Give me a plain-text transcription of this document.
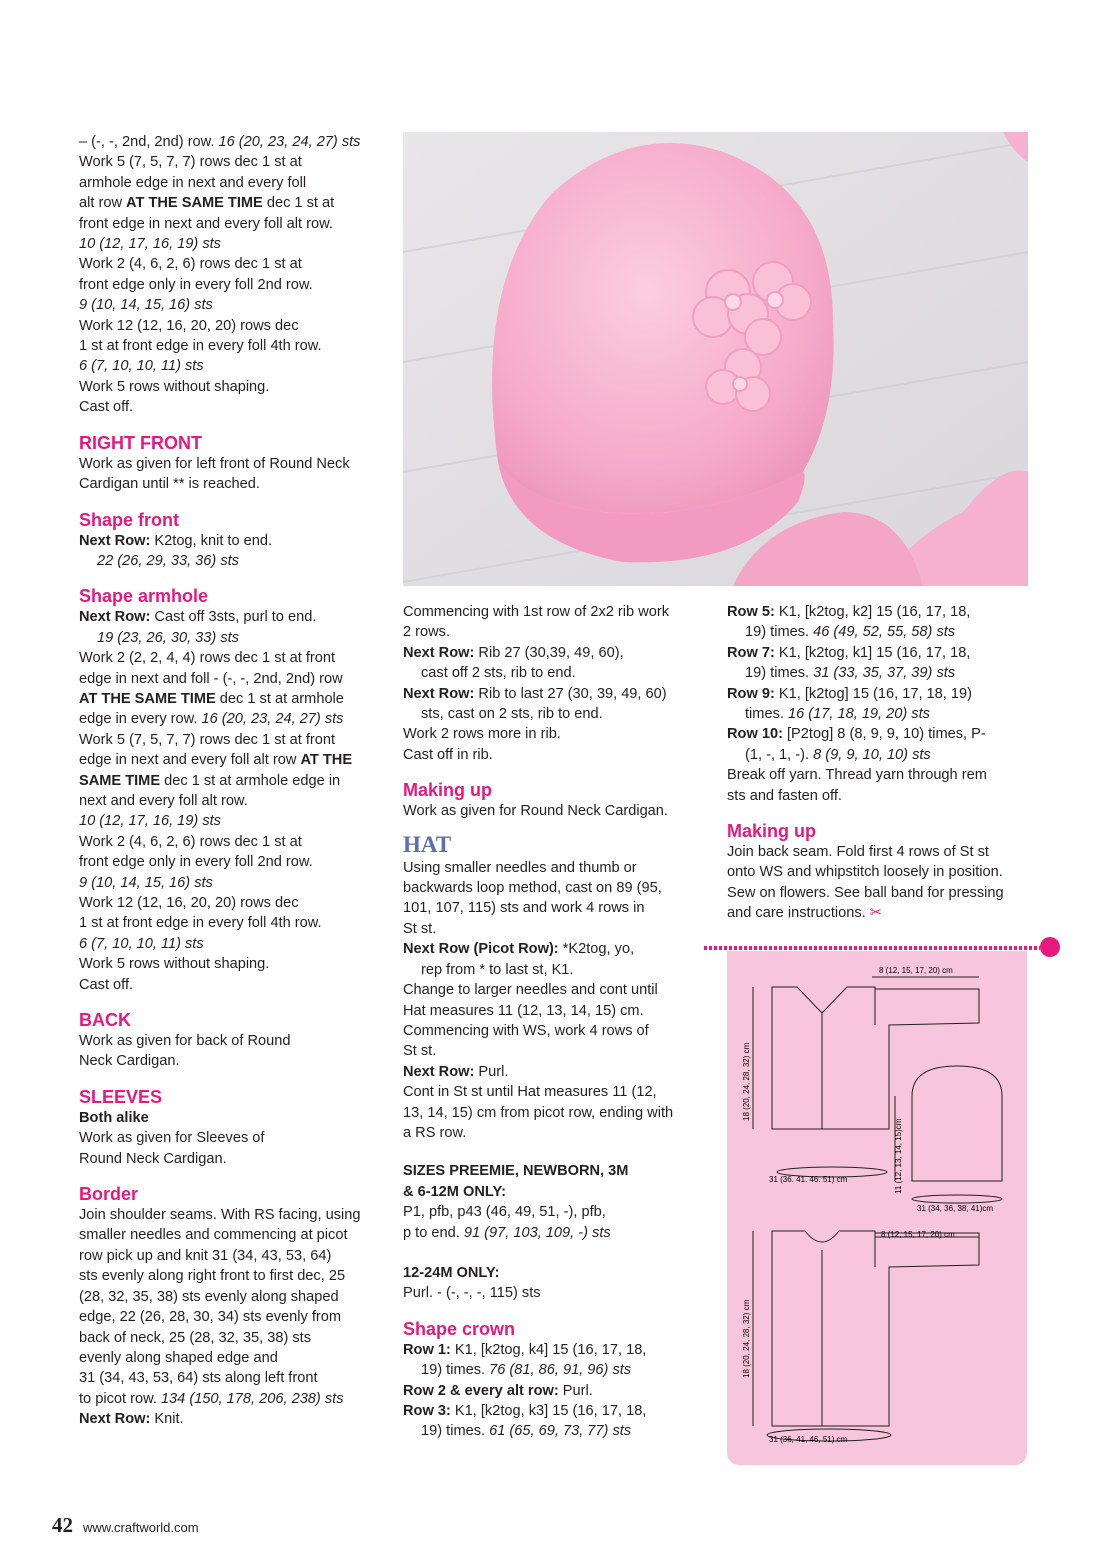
– (-, -, 2nd, 2nd) row. 16 (20, 23, 24, 27) sts
Work 5 (7, 5, 7, 7) rows dec 1 st at
armhole edge in next and every foll
alt row AT THE SAME TIME dec 1 st at
front edge in next and every foll alt row.
10 (12, 17, 16, 19) sts
Work 2 (4, 6, 2, 6) rows dec 1 st at
front edge only in every foll 2nd row.
9 (10, 14, 15, 16) sts
Work 12 (12, 16, 20, 20) rows dec
1 st at front edge in every foll 4th row.
6 (7, 10, 10, 11) sts
Work 5 rows without shaping.
Cast off.
RIGHT FRONT
Work as given for left front of Round Neck
Cardigan until ** is reached.
Shape front
Next Row: K2tog, knit to end.
22 (26, 29, 33, 36) sts
Shape armhole
Next Row: Cast off 3sts, purl to end.
19 (23, 26, 30, 33) sts
Work 2 (2, 2, 4, 4) rows dec 1 st at front
edge in next and foll - (-, -, 2nd, 2nd) row
AT THE SAME TIME dec 1 st at armhole
edge in every row. 16 (20, 23, 24, 27) sts
Work 5 (7, 5, 7, 7) rows dec 1 st at front
edge in next and every foll alt row AT THE
SAME TIME dec 1 st at armhole edge in
next and every foll alt row.
10 (12, 17, 16, 19) sts
Work 2 (4, 6, 2, 6) rows dec 1 st at
front edge only in every foll 2nd row.
9 (10, 14, 15, 16) sts
Work 12 (12, 16, 20, 20) rows dec
1 st at front edge in every foll 4th row.
6 (7, 10, 10, 11) sts
Work 5 rows without shaping.
Cast off.
BACK
Work as given for back of Round
Neck Cardigan.
SLEEVES
Both alike
Work as given for Sleeves of
Round Neck Cardigan.
Border
Join shoulder seams. With RS facing, using
smaller needles and commencing at picot
row pick up and knit 31 (34, 43, 53, 64)
sts evenly along right front to first dec, 25
(28, 32, 35, 38) sts evenly along shaped
edge, 22 (26, 28, 30, 34) sts evenly from
back of neck, 25 (28, 32, 35, 38) sts
evenly along shaped edge and
31 (34, 43, 53, 64) sts along left front
to picot row. 134 (150, 178, 206, 238) sts
Next Row: Knit.
Commencing with 1st row of 2x2 rib work
2 rows.
Next Row: Rib 27 (30,39, 49, 60),
cast off 2 sts, rib to end.
Next Row: Rib to last 27 (30, 39, 49, 60)
sts, cast on 2 sts, rib to end.
Work 2 rows more in rib.
Cast off in rib.
Making up
Work as given for Round Neck Cardigan.
HAT
Using smaller needles and thumb or
backwards loop method, cast on 89 (95,
101, 107, 115) sts and work 4 rows in
St st.
Next Row (Picot Row): *K2tog, yo,
rep from * to last st, K1.
Change to larger needles and cont until
Hat measures 11 (12, 13, 14, 15) cm.
Commencing with WS, work 4 rows of
St st.
Next Row: Purl.
Cont in St st until Hat measures 11 (12,
13, 14, 15) cm from picot row, ending with
a RS row.
SIZES PREEMIE, NEWBORN, 3M
& 6-12M ONLY:
P1, pfb, p43 (46, 49, 51, -), pfb,
p to end. 91 (97, 103, 109, -) sts
12-24M ONLY:
Purl. - (-, -, -, 115) sts
Shape crown
Row 1: K1, [k2tog, k4] 15 (16, 17, 18,
19) times. 76 (81, 86, 91, 96) sts
Row 2 & every alt row: Purl.
Row 3: K1, [k2tog, k3] 15 (16, 17, 18,
19) times. 61 (65, 69, 73, 77) sts
Row 5: K1, [k2tog, k2] 15 (16, 17, 18,
19) times. 46 (49, 52, 55, 58) sts
Row 7: K1, [k2tog, k1] 15 (16, 17, 18,
19) times. 31 (33, 35, 37, 39) sts
Row 9: K1, [k2tog] 15 (16, 17, 18, 19)
times. 16 (17, 18, 19, 20) sts
Row 10: [P2tog] 8 (8, 9, 9, 10) times, P-
(1, -, 1, -). 8 (9, 9, 10, 10) sts
Break off yarn. Thread yarn through rem
sts and fasten off.
Making up
Join back seam. Fold first 4 rows of St st
onto WS and whipstitch loosely in position.
Sew on flowers. See ball band for pressing
and care instructions. ✂
8 (12, 15, 17, 20) cm
18 (20, 24, 28, 32) cm
31 (36. 41. 46. 51) cm	11 (12, 13, 14, 15)cm
31 (34, 36, 38, 41)cm
8 (12, 15, 17, 20) cm
18 (20, 24, 28, 32) cm
31 (36, 41, 46, 51) cm
42 www.craftworld.com
